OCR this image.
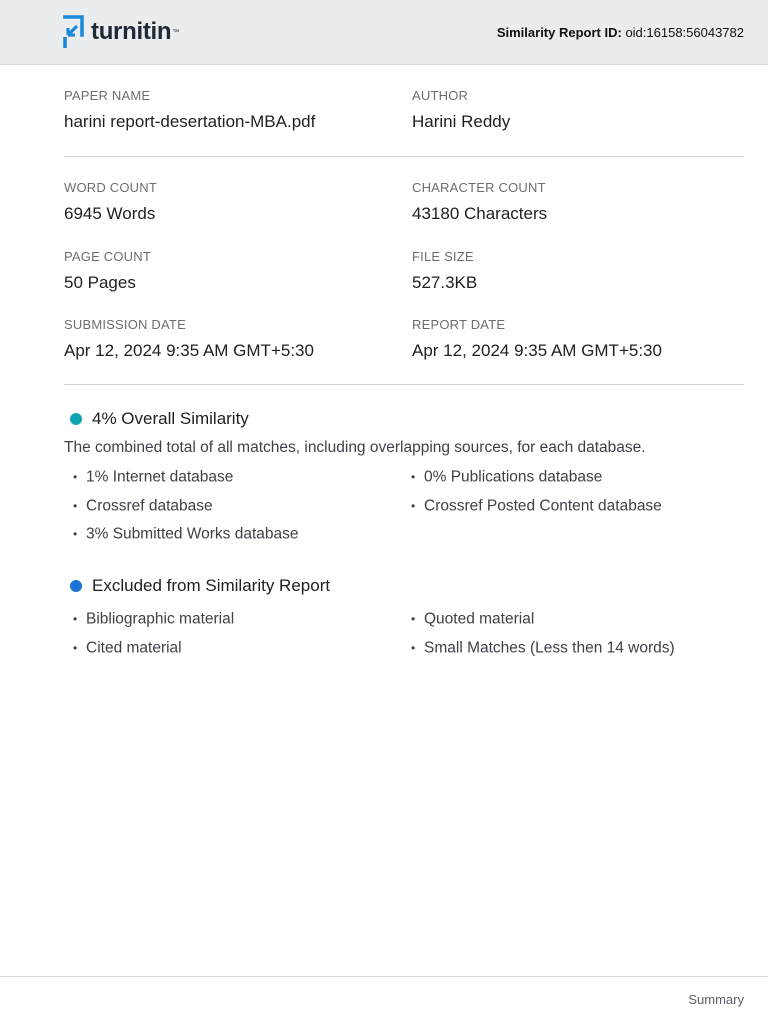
turnitin ™	Similarity Report ID: oid:16158:56043782
PAPER NAME
harini report-desertation-MBA.pdf
AUTHOR
Harini Reddy
WORD COUNT
6945 Words
CHARACTER COUNT
43180 Characters
PAGE COUNT
50 Pages
FILE SIZE
527.3KB
SUBMISSION DATE
Apr 12, 2024 9:35 AM GMT+5:30
REPORT DATE
Apr 12, 2024 9:35 AM GMT+5:30
4% Overall Similarity
The combined total of all matches, including overlapping sources, for each database.
• 1% Internet database
• Crossref database
• 3% Submitted Works database
• 0% Publications database
• Crossref Posted Content database
Excluded from Similarity Report
• Bibliographic material
• Cited material
• Quoted material
• Small Matches (Less then 14 words)
Summary
